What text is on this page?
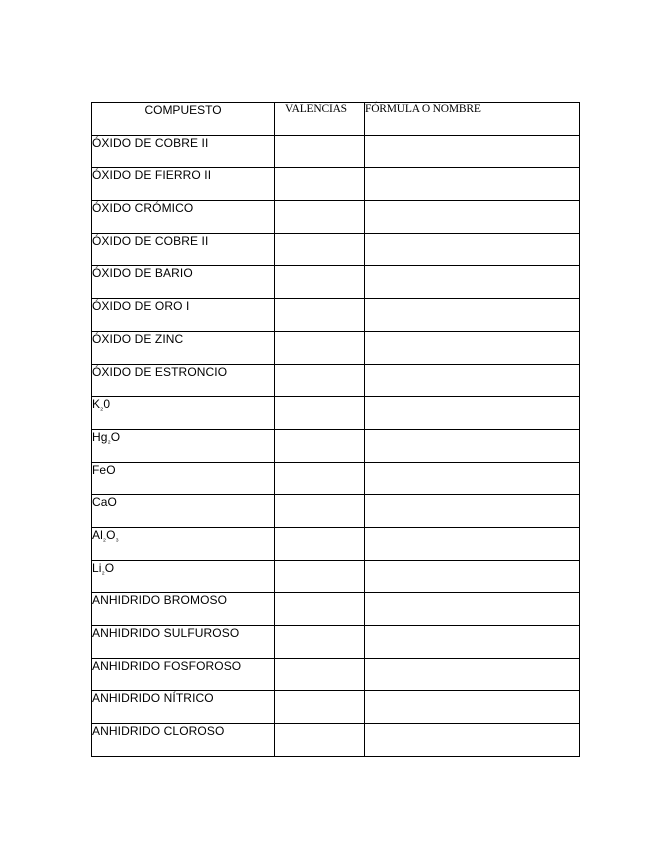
COMPUESTO	VALENCIAS	FÓRMULA O NOMBRE
ÓXIDO DE COBRE II		
ÓXIDO DE FIERRO II		
ÓXIDO CRÓMICO		
ÓXIDO DE COBRE II		
ÓXIDO DE BARIO		
ÓXIDO DE ORO I		
ÓXIDO DE ZINC		
ÓXIDO DE ESTRONCIO		
$K_{_2}0$		
$Hg_{_2}O$		
FeO		
CaO		
$Al_{_2}O_{_3}$		
$Li_{_2}O$		
ANHIDRIDO BROMOSO		
ANHIDRIDO SULFUROSO		
ANHIDRIDO FOSFOROSO		
ANHIDRIDO NÍTRICO		
ANHIDRIDO CLOROSO		
